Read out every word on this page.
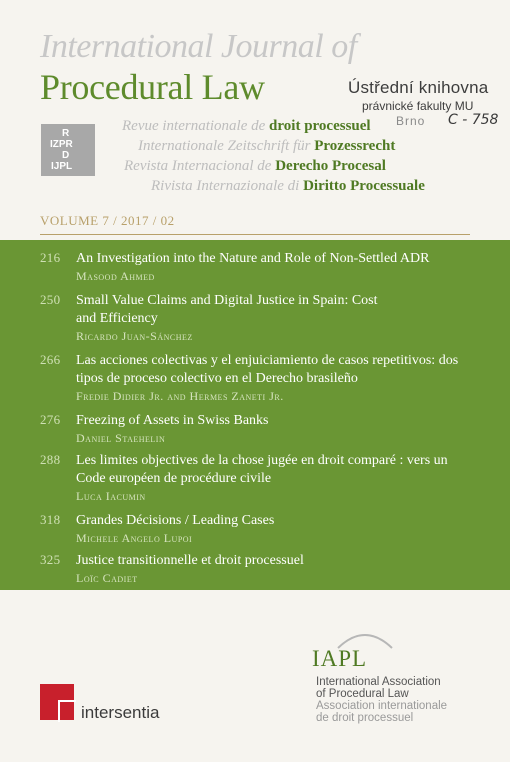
International Journal of
Procedural Law	Ústřední knihovna
právnické fakulty MU
Brno C - 758
R
IZPR
D
IJPL
Revue internationale de droit processuel
Internationale Zeitschrift für Prozessrecht
Revista Internacional de Derecho Procesal
Rivista Internazionale di Diritto Processuale
VOLUME 7 / 2017 / 02
216 An Investigation into the Nature and Role of Non-Settled ADR
Masood Ahmed
250 Small Value Claims and Digital Justice in Spain: Cost and Efficiency
Ricardo Juan-Sánchez
266 Las acciones colectivas y el enjuiciamiento de casos repetitivos: dos tipos de proceso colectivo en el Derecho brasileño
Fredie Didier Jr. and Hermes Zaneti Jr.
276 Freezing of Assets in Swiss Banks
Daniel Staehelin
288 Les limites objectives de la chose jugée en droit comparé : vers un Code européen de procédure civile
Luca Iacumin
318 Grandes Décisions / Leading Cases
Michele Angelo Lupoi
325 Justice transitionnelle et droit processuel
Loïc Cadiet
IAPL
International Association
of Procedural Law
Association internationale
de droit processuel
intersentia
